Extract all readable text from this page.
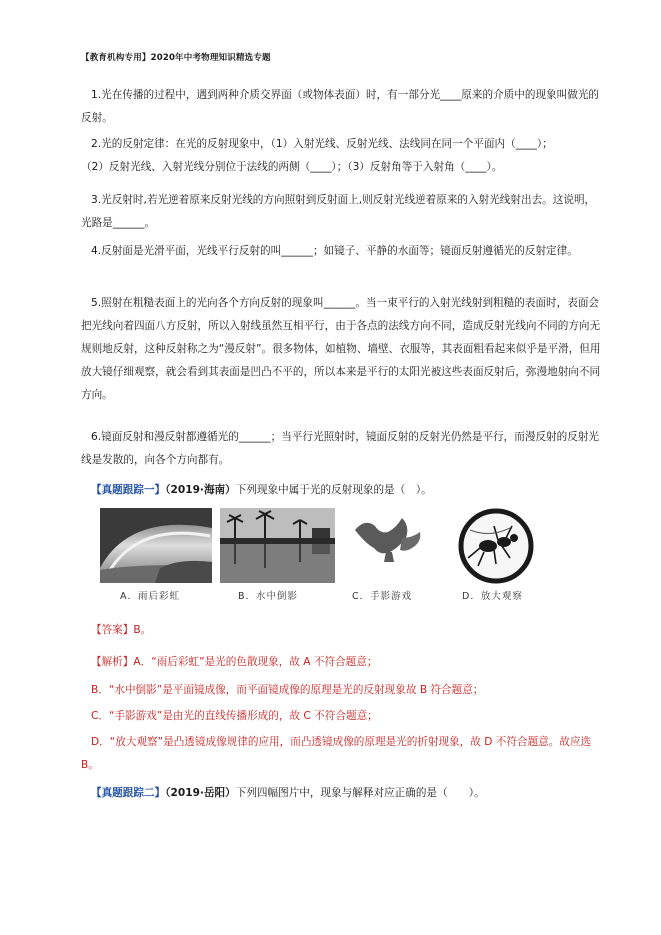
【教育机构专用】2020年中考物理知识精选专题
1.光在传播的过程中，遇到两种介质交界面（或物体表面）时，有一部分光____原来的介质中的现象叫做光的反射。
2.光的反射定律：在光的反射现象中，（1）入射光线、反射光线、法线同在同一个平面内（____）；
（2）反射光线、入射光线分别位于法线的两侧（____）；（3）反射角等于入射角（____）。
3.光反射时,若光逆着原来反射光线的方向照射到反射面上,则反射光线逆着原来的入射光线射出去。这说明，光路是______。
4.反射面是光滑平面，光线平行反射的叫______；如镜子、平静的水面等；镜面反射遵循光的反射定律。
5.照射在粗糙表面上的光向各个方向反射的现象叫______。当一束平行的入射光线射到粗糙的表面时，表面会把光线向着四面八方反射，所以入射线虽然互相平行，由于各点的法线方向不同，造成反射光线向不同的方向无规则地反射，这种反射称之为“漫反射”。很多物体，如植物、墙壁、衣服等，其表面粗看起来似乎是平滑，但用放大镜仔细观察，就会看到其表面是凹凸不平的，所以本来是平行的太阳光被这些表面反射后，弥漫地射向不同方向。
6.镜面反射和漫反射都遵循光的______；当平行光照射时，镜面反射的反射光仍然是平行，而漫反射的反射光线是发散的，向各个方向都有。
【真题跟踪一】（2019·海南）下列现象中属于光的反射现象的是（　）。
A．雨后彩虹	B．水中倒影	C．手影游戏	D．放大观察
【答案】B。
【解析】A．“雨后彩虹”是光的色散现象，故 A 不符合题意；
B．“水中倒影”是平面镜成像，而平面镜成像的原理是光的反射现象故 B 符合题意；
C．“手影游戏”是由光的直线传播形成的，故 C 不符合题意；
D．“放大观察”是凸透镜成像规律的应用，而凸透镜成像的原理是光的折射现象，故 D 不符合题意。故应选 B。
【真题跟踪二】（2019·岳阳）下列四幅图片中，现象与解释对应正确的是（　　）。
